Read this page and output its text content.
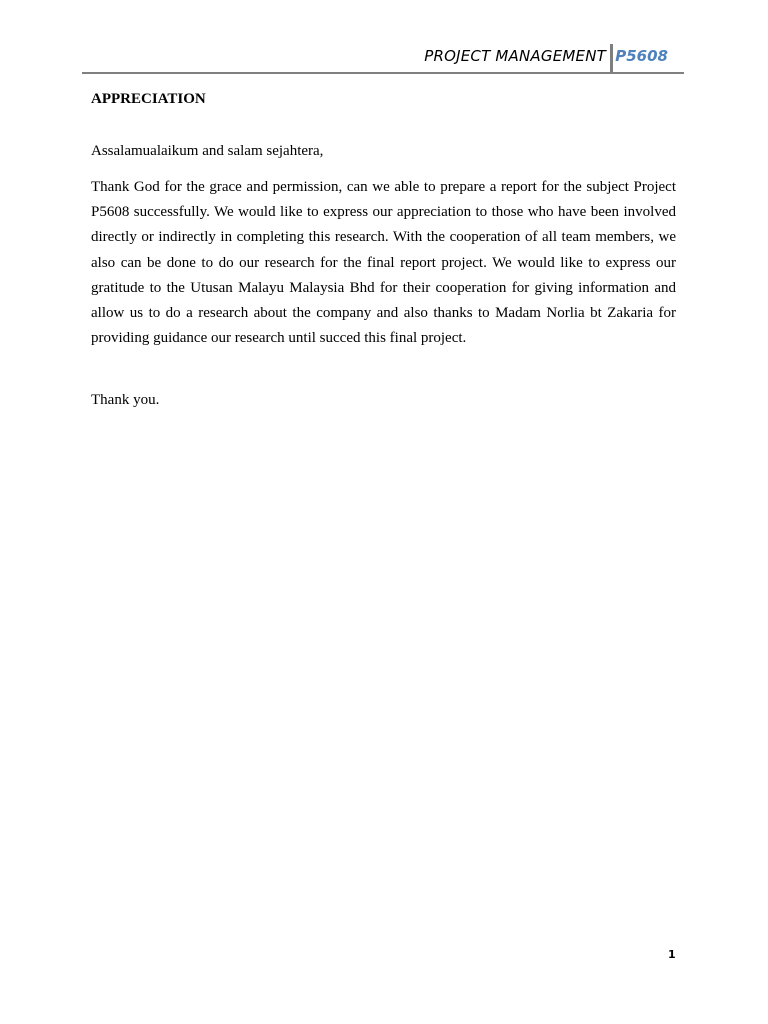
PROJECT MANAGEMENT P5608

APPRECIATION

Assalamualaikum and salam sejahtera,

Thank God for the grace and permission, can we able to prepare a report for the subject Project P5608 successfully. We would like to express our appreciation to those who have been involved directly or indirectly in completing this research. With the cooperation of all team members, we also can be done to do our research for the final report project. We would like to express our gratitude to the Utusan Malayu Malaysia Bhd for their cooperation for giving information and allow us to do a research about the company and also thanks to Madam Norlia bt Zakaria for providing guidance our research until succed this final project.

Thank you.

1
